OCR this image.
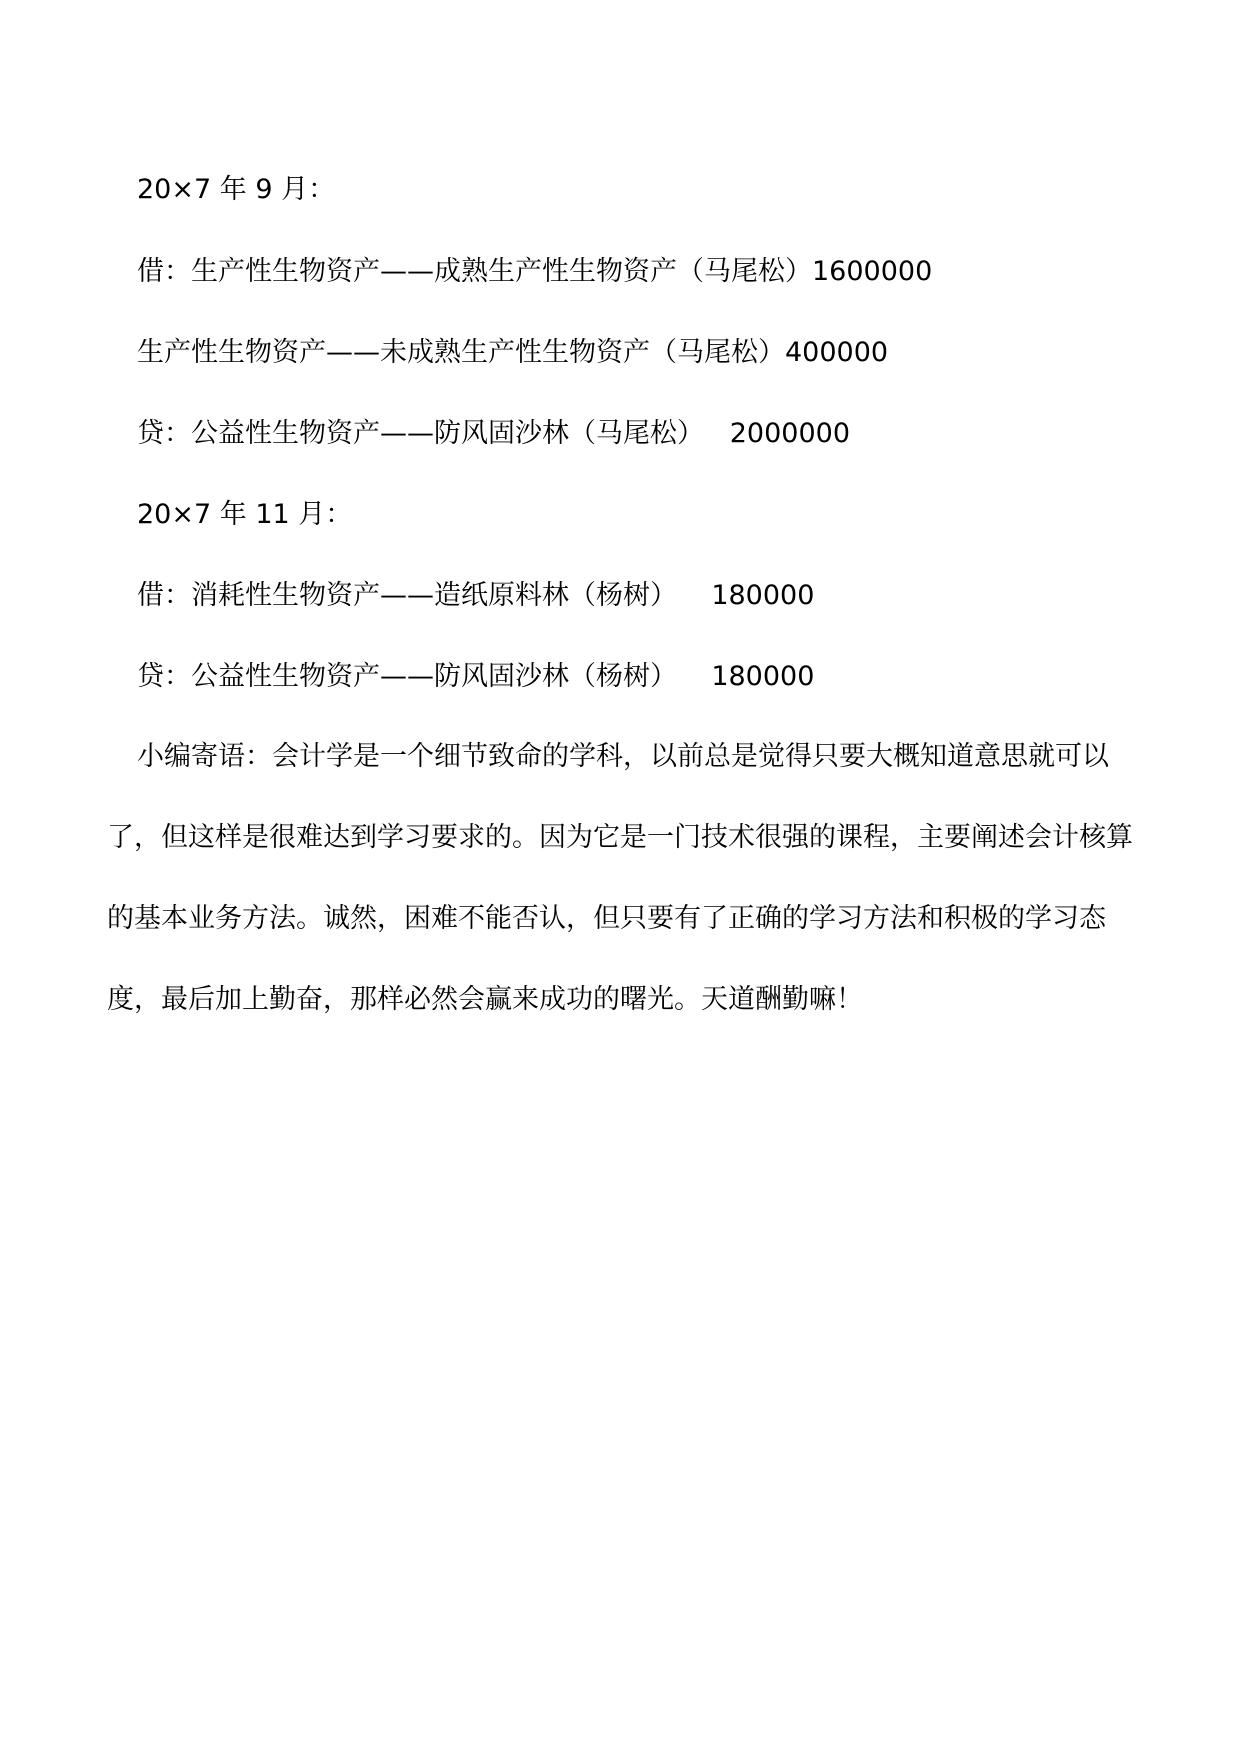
20×7 年 9 月：
借：生产性生物资产——成熟生产性生物资产（马尾松）1600000
生产性生物资产——未成熟生产性生物资产（马尾松）400000
贷：公益性生物资产——防风固沙林（马尾松）   2000000
20×7 年 11 月：
借：消耗性生物资产——造纸原料林（杨树）    180000
贷：公益性生物资产——防风固沙林（杨树）    180000
小编寄语：会计学是一个细节致命的学科，以前总是觉得只要大概知道意思就可以了，但这样是很难达到学习要求的。因为它是一门技术很强的课程，主要阐述会计核算的基本业务方法。诚然，困难不能否认，但只要有了正确的学习方法和积极的学习态度，最后加上勤奋，那样必然会赢来成功的曙光。天道酬勤嘛！
